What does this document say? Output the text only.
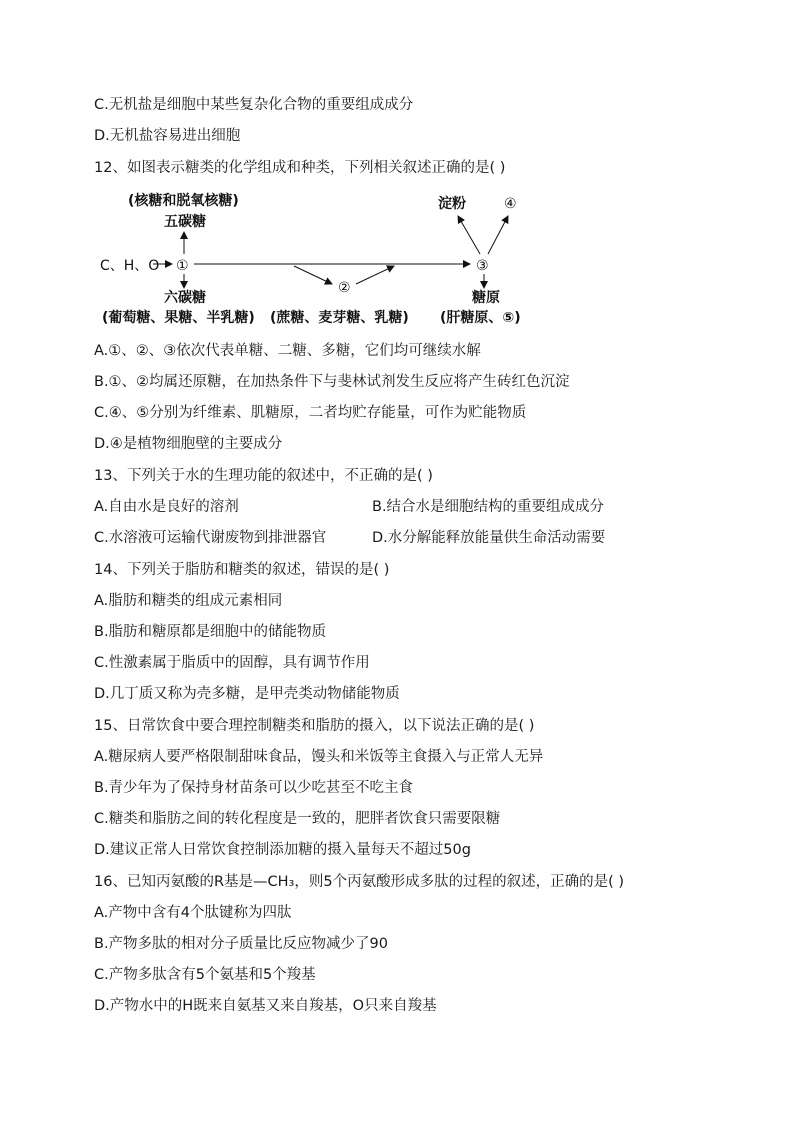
C.无机盐是细胞中某些复杂化合物的重要组成成分
D.无机盐容易进出细胞
12、如图表示糖类的化学组成和种类，下列相关叙述正确的是( )
(核糖和脱氧核糖)
五碳糖
C、H、O ①
六碳糖
(葡萄糖、果糖、半乳糖)
②
(蔗糖、麦芽糖、乳糖)
淀粉	④
③
糖原
(肝糖原、⑤)
A.①、②、③依次代表单糖、二糖、多糖，它们均可继续水解
B.①、②均属还原糖，在加热条件下与斐林试剂发生反应将产生砖红色沉淀
C.④、⑤分别为纤维素、肌糖原，二者均贮存能量，可作为贮能物质
D.④是植物细胞壁的主要成分
13、下列关于水的生理功能的叙述中，不正确的是( )
A.自由水是良好的溶剂	B.结合水是细胞结构的重要组成成分
C.水溶液可运输代谢废物到排泄器官	D.水分解能释放能量供生命活动需要
14、下列关于脂肪和糖类的叙述，错误的是( )
A.脂肪和糖类的组成元素相同
B.脂肪和糖原都是细胞中的储能物质
C.性激素属于脂质中的固醇，具有调节作用
D.几丁质又称为壳多糖，是甲壳类动物储能物质
15、日常饮食中要合理控制糖类和脂肪的摄入，以下说法正确的是( )
A.糖尿病人要严格限制甜味食品，馒头和米饭等主食摄入与正常人无异
B.青少年为了保持身材苗条可以少吃甚至不吃主食
C.糖类和脂肪之间的转化程度是一致的，肥胖者饮食只需要限糖
D.建议正常人日常饮食控制添加糖的摄入量每天不超过50g
16、已知丙氨酸的R基是—CH₃，则5个丙氨酸形成多肽的过程的叙述，正确的是( )
A.产物中含有4个肽键称为四肽
B.产物多肽的相对分子质量比反应物减少了90
C.产物多肽含有5个氨基和5个羧基
D.产物水中的H既来自氨基又来自羧基，O只来自羧基
